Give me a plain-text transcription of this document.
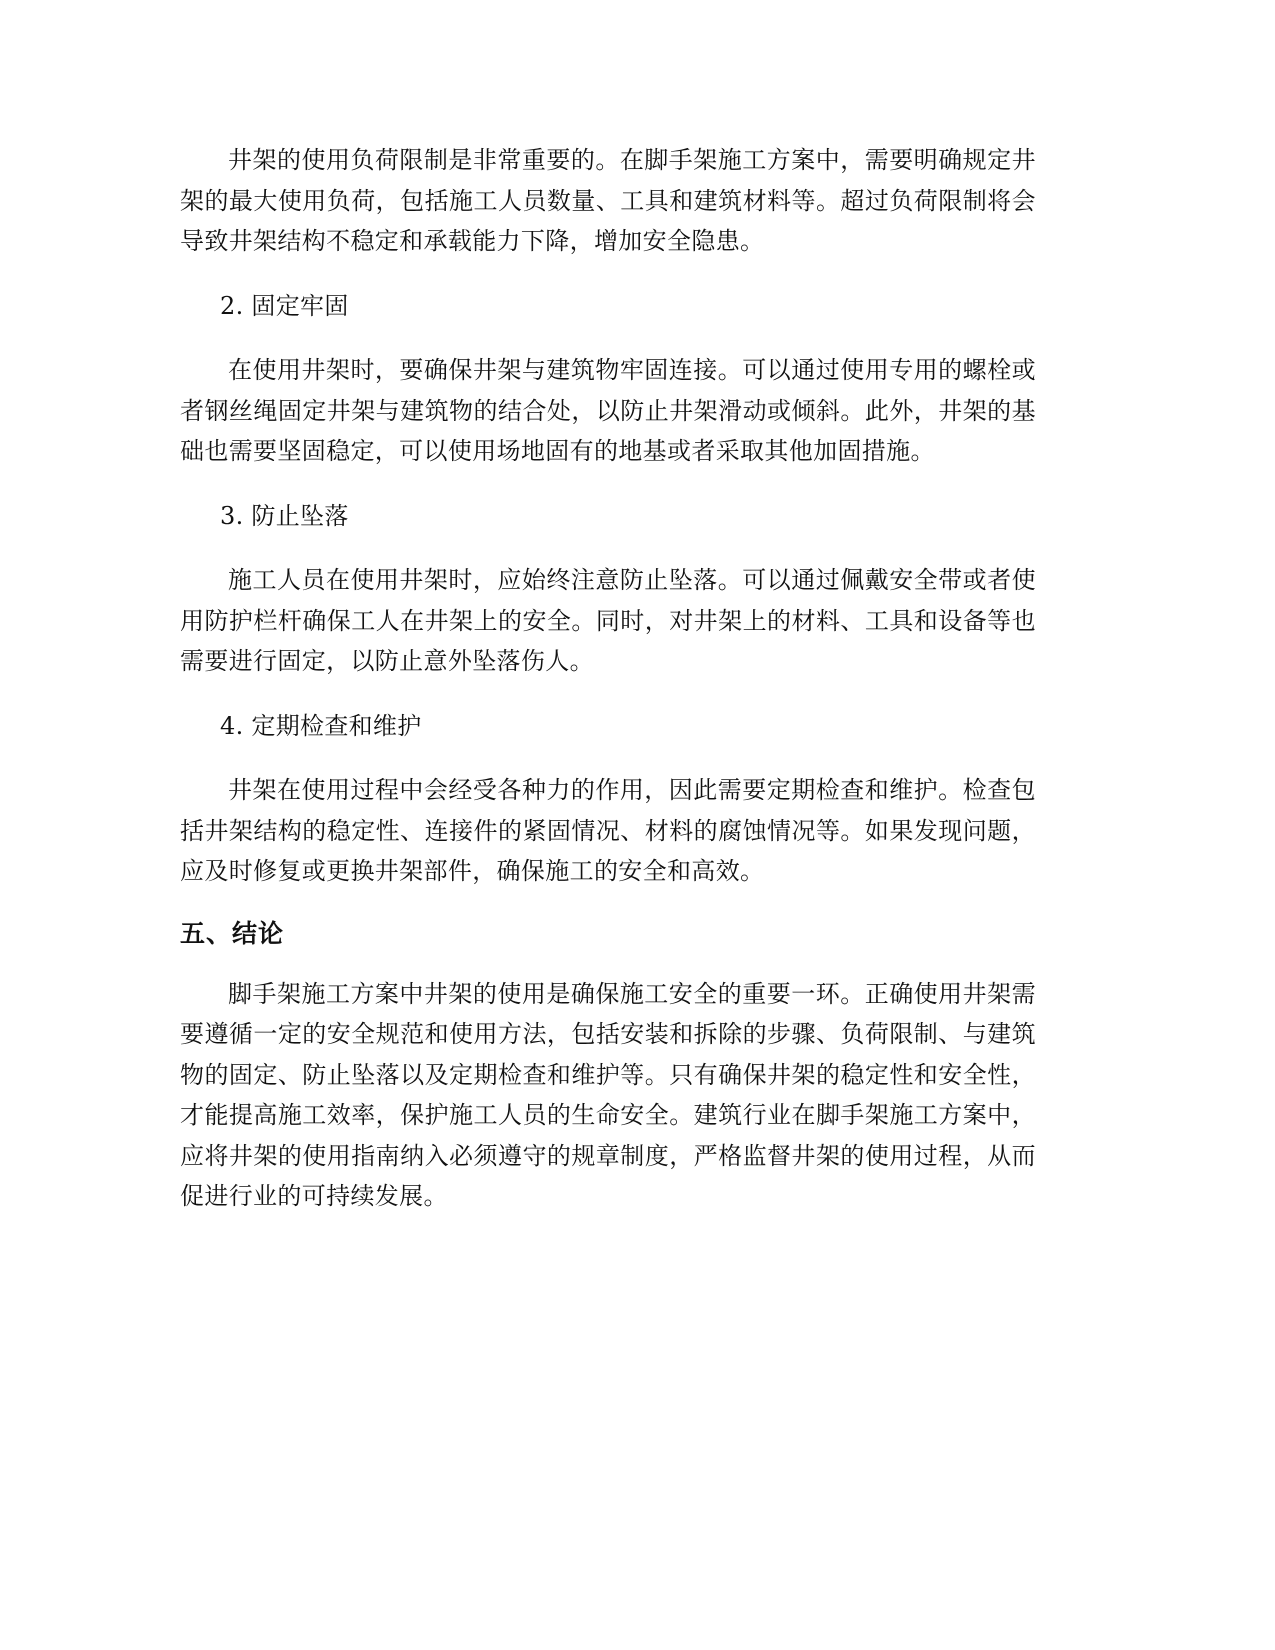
井架的使用负荷限制是非常重要的。在脚手架施工方案中，需要明确规定井架的最大使用负荷，包括施工人员数量、工具和建筑材料等。超过负荷限制将会导致井架结构不稳定和承载能力下降，增加安全隐患。

2. 固定牢固

在使用井架时，要确保井架与建筑物牢固连接。可以通过使用专用的螺栓或者钢丝绳固定井架与建筑物的结合处，以防止井架滑动或倾斜。此外，井架的基础也需要坚固稳定，可以使用场地固有的地基或者采取其他加固措施。

3. 防止坠落

施工人员在使用井架时，应始终注意防止坠落。可以通过佩戴安全带或者使用防护栏杆确保工人在井架上的安全。同时，对井架上的材料、工具和设备等也需要进行固定，以防止意外坠落伤人。

4. 定期检查和维护

井架在使用过程中会经受各种力的作用，因此需要定期检查和维护。检查包括井架结构的稳定性、连接件的紧固情况、材料的腐蚀情况等。如果发现问题，应及时修复或更换井架部件，确保施工的安全和高效。

五、结论

脚手架施工方案中井架的使用是确保施工安全的重要一环。正确使用井架需要遵循一定的安全规范和使用方法，包括安装和拆除的步骤、负荷限制、与建筑物的固定、防止坠落以及定期检查和维护等。只有确保井架的稳定性和安全性，才能提高施工效率，保护施工人员的生命安全。建筑行业在脚手架施工方案中，应将井架的使用指南纳入必须遵守的规章制度，严格监督井架的使用过程，从而促进行业的可持续发展。
